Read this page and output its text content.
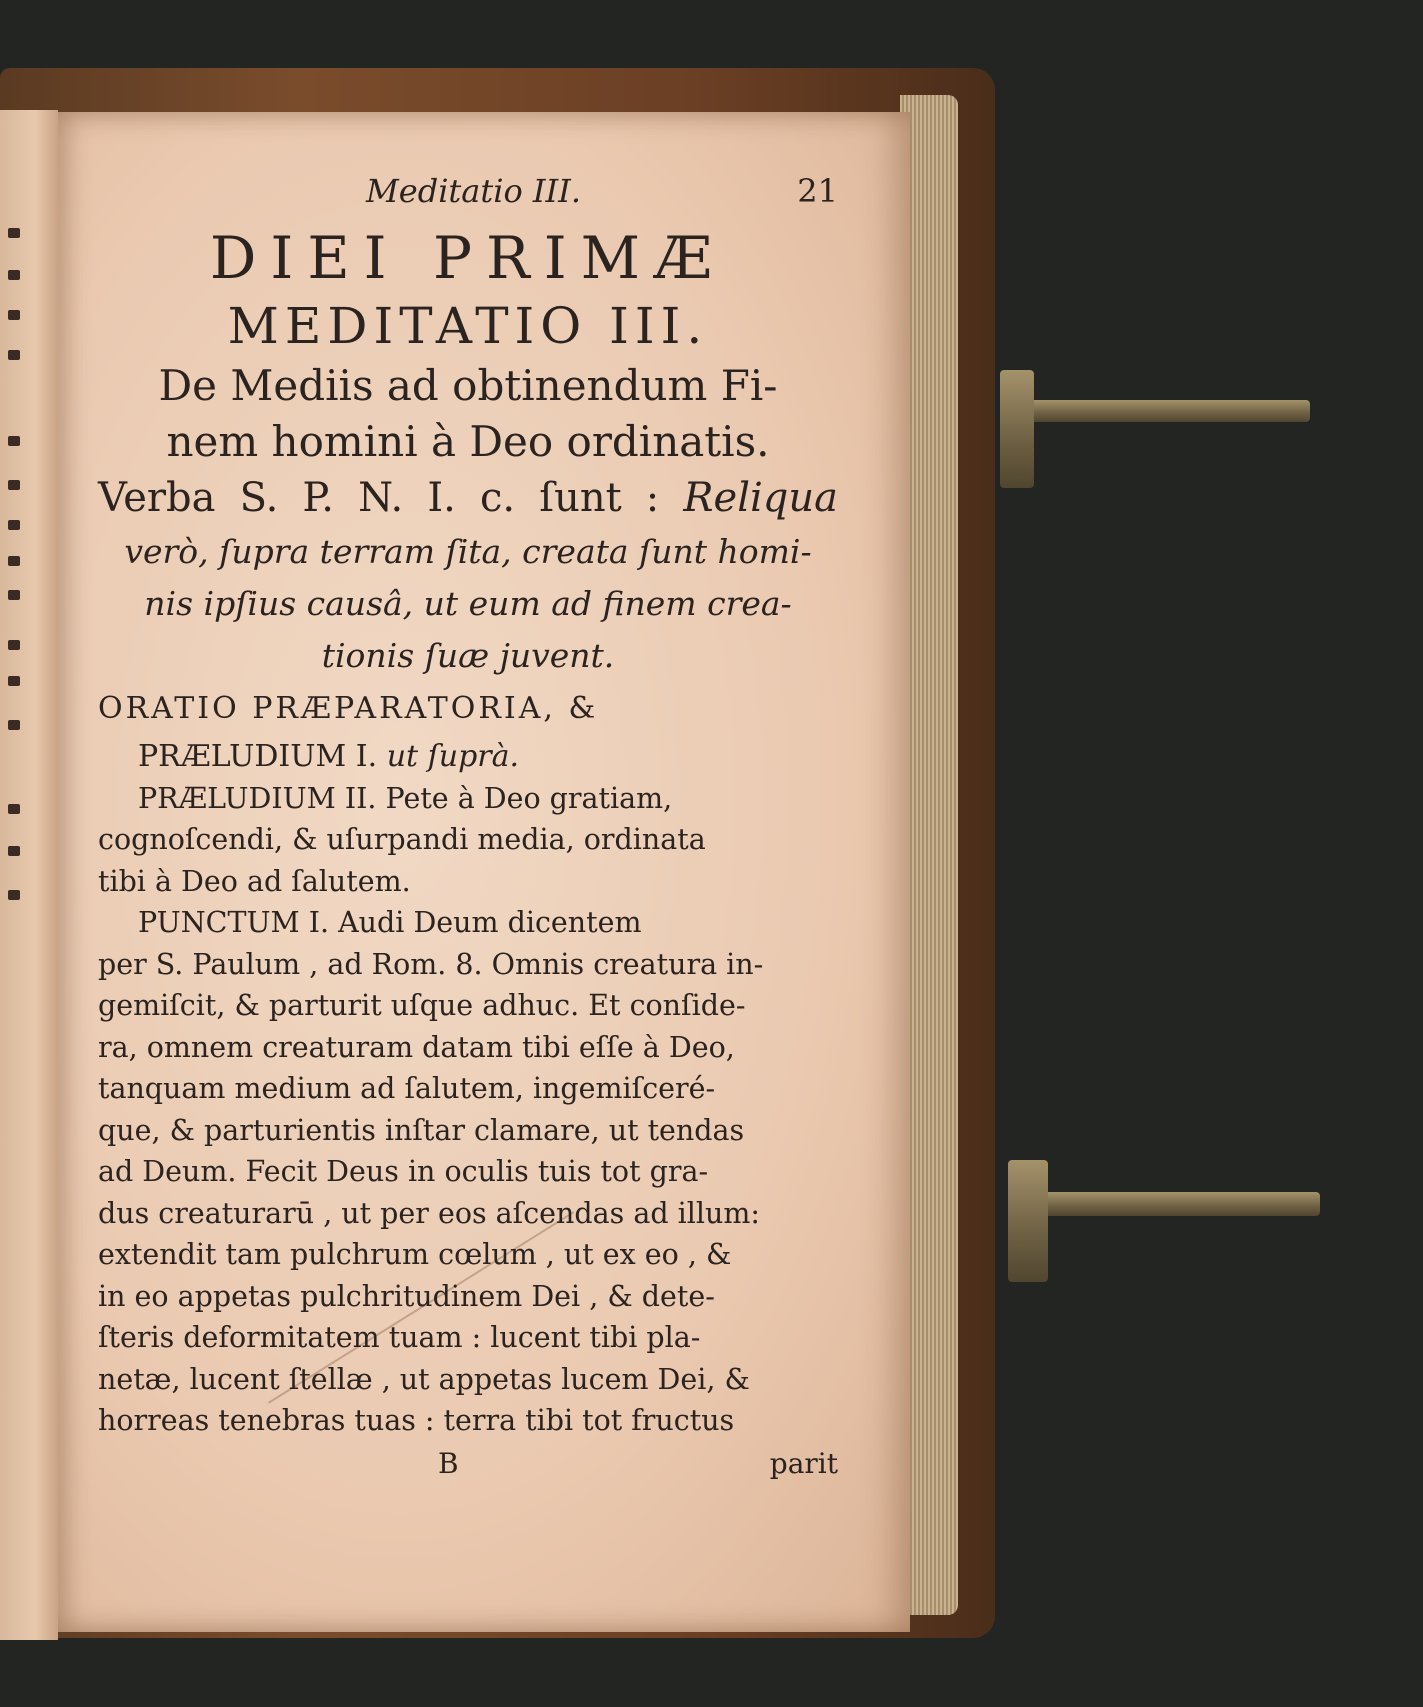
Meditatio III.	21
DIEI PRIMÆ
MEDITATIO III.
De Mediis ad obtinendum Fi-
nem homini à Deo ordinatis.
Verba S. P. N. I. c. ſunt : Reliqua
verò, ſupra terram ſita, creata ſunt homi-
nis ipſius causâ, ut eum ad finem crea-
tionis ſuæ juvent.
ORATIO PRÆPARATORIA, &
PRÆLUDIUM I. ut ſuprà.
PRÆLUDIUM II. Pete à Deo gratiam,
cognoſcendi, & uſurpandi media, ordinata
tibi à Deo ad ſalutem.
PUNCTUM I. Audi Deum dicentem
per S. Paulum , ad Rom. 8. Omnis creatura in-
gemiſcit, & parturit uſque adhuc. Et conſide-
ra, omnem creaturam datam tibi eſſe à Deo,
tanquam medium ad ſalutem, ingemiſceré-
que, & parturientis inſtar clamare, ut tendas
ad Deum. Fecit Deus in oculis tuis tot gra-
dus creaturarū , ut per eos aſcendas ad illum:
extendit tam pulchrum cœlum , ut ex eo , &
in eo appetas pulchritudinem Dei , & dete-
ſteris deformitatem tuam : lucent tibi pla-
netæ, lucent ſtellæ , ut appetas lucem Dei, &
horreas tenebras tuas : terra tibi tot fructus
B	parit
